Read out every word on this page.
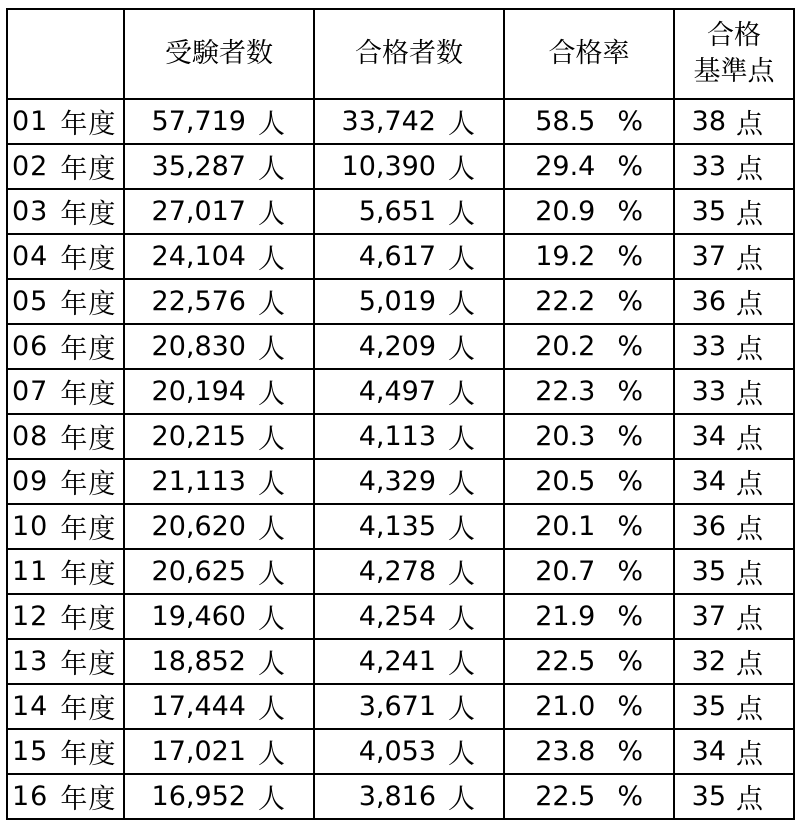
	受験者数	合格者数	合格率	合格
基準点

01 年度	57,719 人	33,742 人	58.5 %	38 点

02 年度	35,287 人	10,390 人	29.4 %	33 点

03 年度	27,017 人	5,651 人	20.9 %	35 点

04 年度	24,104 人	4,617 人	19.2 %	37 点

05 年度	22,576 人	5,019 人	22.2 %	36 点

06 年度	20,830 人	4,209 人	20.2 %	33 点

07 年度	20,194 人	4,497 人	22.3 %	33 点

08 年度	20,215 人	4,113 人	20.3 %	34 点

09 年度	21,113 人	4,329 人	20.5 %	34 点

10 年度	20,620 人	4,135 人	20.1 %	36 点

11 年度	20,625 人	4,278 人	20.7 %	35 点

12 年度	19,460 人	4,254 人	21.9 %	37 点

13 年度	18,852 人	4,241 人	22.5 %	32 点

14 年度	17,444 人	3,671 人	21.0 %	35 点

15 年度	17,021 人	4,053 人	23.8 %	34 点

16 年度	16,952 人	3,816 人	22.5 %	35 点
